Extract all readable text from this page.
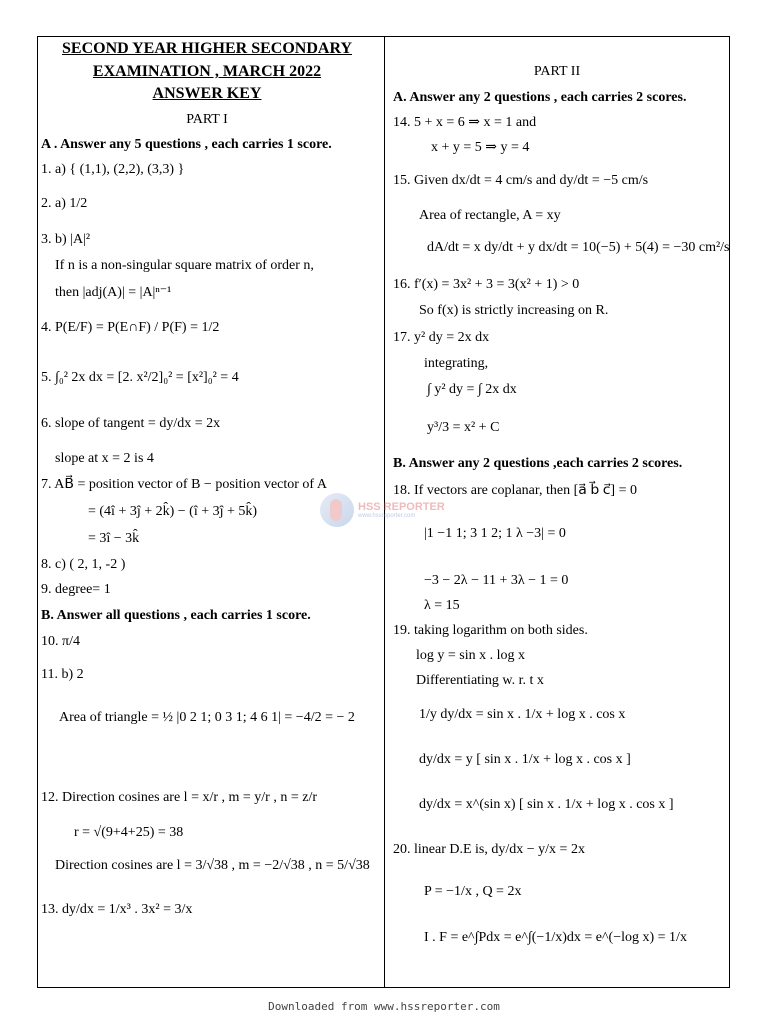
SECOND YEAR HIGHER SECONDARY
EXAMINATION , MARCH 2022
ANSWER KEY
PART I
A . Answer any 5 questions , each carries 1 score.
1. a) { (1,1), (2,2), (3,3) }
2. a) 1/2
3. b) |A|²
If n is a non-singular square matrix of order n,
then |adj(A)| = |A|ⁿ⁻¹
4. P(E/F) = P(E∩F) / P(F) = 1/2
5. ∫₀² 2x dx = [2. x²/2]₀² = [x²]₀² = 4
6. slope of tangent = dy/dx = 2x
slope at x = 2 is 4
7. AB⃗ = position vector of B − position vector of A
= (4î + 3ĵ + 2k̂) − (î + 3ĵ + 5k̂)
= 3î − 3k̂
8. c) ( 2, 1, -2 )
9. degree= 1
B. Answer all questions , each carries 1 score.
10. π/4
11. b) 2
Area of triangle = ½ |0 2 1; 0 3 1; 4 6 1| = −4/2 = − 2
12. Direction cosines are l = x/r , m = y/r , n = z/r
r = √(9+4+25) = 38
Direction cosines are l = 3/√38 , m = −2/√38 , n = 5/√38
13. dy/dx = 1/x³ . 3x² = 3/x
PART II
A. Answer any 2 questions , each carries 2 scores.
14. 5 + x = 6 ⇒ x = 1 and
x + y = 5 ⇒ y = 4
15. Given dx/dt = 4 cm/s and dy/dt = −5 cm/s
Area of rectangle, A = xy
dA/dt = x dy/dt + y dx/dt = 10(−5) + 5(4) = −30 cm²/s
16. f′(x) = 3x² + 3 = 3(x² + 1) > 0
So f(x) is strictly increasing on R.
17. y² dy = 2x dx
integrating,
∫ y² dy = ∫ 2x dx
y³/3 = x² + C
B. Answer any 2 questions ,each carries 2 scores.
18. If vectors are coplanar, then [a⃗ b⃗ c⃗] = 0
|1 −1 1; 3 1 2; 1 λ −3| = 0
−3 − 2λ − 11 + 3λ − 1 = 0
λ = 15
19. taking logarithm on both sides.
log y = sin x . log x
Differentiating w. r. t x
1/y dy/dx = sin x . 1/x + log x . cos x
dy/dx = y [ sin x . 1/x + log x . cos x ]
dy/dx = x^(sin x) [ sin x . 1/x + log x . cos x ]
20. linear D.E is, dy/dx − y/x = 2x
P = −1/x , Q = 2x
I . F = e^∫Pdx = e^∫(−1/x)dx = e^(−log x) = 1/x
HSS REPORTER
www.hssreporter.com
Downloaded from www.hssreporter.com
